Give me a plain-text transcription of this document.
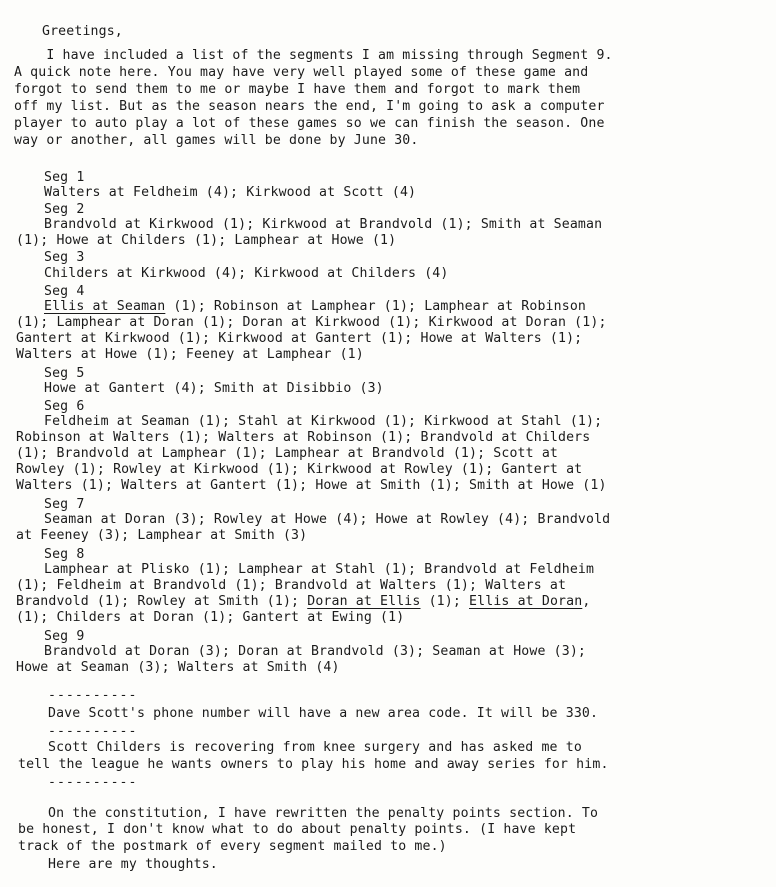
Greetings,
I have included a list of the segments I am missing through Segment 9.
A quick note here. You may have very well played some of these game and
forgot to send them to me or maybe I have them and forgot to mark them
off my list. But as the season nears the end, I'm going to ask a computer
player to auto play a lot of these games so we can finish the season. One
way or another, all games will be done by June 30.
Seg 1
Walters at Feldheim (4); Kirkwood at Scott (4)
Seg 2
Brandvold at Kirkwood (1); Kirkwood at Brandvold (1); Smith at Seaman
(1); Howe at Childers (1); Lamphear at Howe (1)
Seg 3
Childers at Kirkwood (4); Kirkwood at Childers (4)
Seg 4
Ellis at Seaman (1); Robinson at Lamphear (1); Lamphear at Robinson
(1); Lamphear at Doran (1); Doran at Kirkwood (1); Kirkwood at Doran (1);
Gantert at Kirkwood (1); Kirkwood at Gantert (1); Howe at Walters (1);
Walters at Howe (1); Feeney at Lamphear (1)
Seg 5
Howe at Gantert (4); Smith at Disibbio (3)
Seg 6
Feldheim at Seaman (1); Stahl at Kirkwood (1); Kirkwood at Stahl (1);
Robinson at Walters (1); Walters at Robinson (1); Brandvold at Childers
(1); Brandvold at Lamphear (1); Lamphear at Brandvold (1); Scott at
Rowley (1); Rowley at Kirkwood (1); Kirkwood at Rowley (1); Gantert at
Walters (1); Walters at Gantert (1); Howe at Smith (1); Smith at Howe (1)
Seg 7
Seaman at Doran (3); Rowley at Howe (4); Howe at Rowley (4); Brandvold
at Feeney (3); Lamphear at Smith (3)
Seg 8
Lamphear at Plisko (1); Lamphear at Stahl (1); Brandvold at Feldheim
(1); Feldheim at Brandvold (1); Brandvold at Walters (1); Walters at
Brandvold (1); Rowley at Smith (1); Doran at Ellis (1); Ellis at Doran,
(1); Childers at Doran (1); Gantert at Ewing (1)
Seg 9
Brandvold at Doran (3); Doran at Brandvold (3); Seaman at Howe (3);
Howe at Seaman (3); Walters at Smith (4)
----------
Dave Scott's phone number will have a new area code. It will be 330.
----------
Scott Childers is recovering from knee surgery and has asked me to
tell the league he wants owners to play his home and away series for him.
----------
On the constitution, I have rewritten the penalty points section. To
be honest, I don't know what to do about penalty points. (I have kept
track of the postmark of every segment mailed to me.)
Here are my thoughts.
